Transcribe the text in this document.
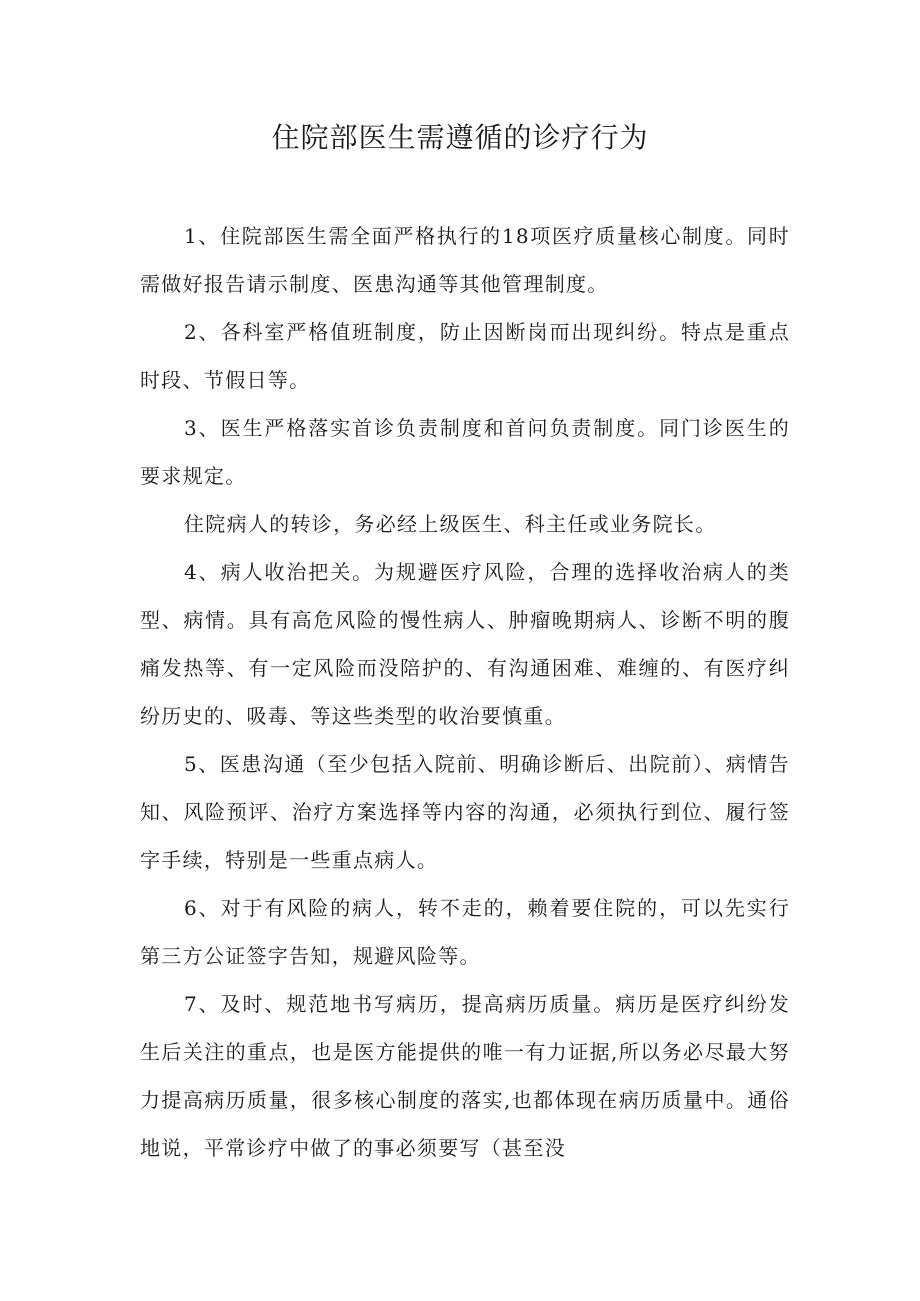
住院部医生需遵循的诊疗行为

1、住院部医生需全面严格执行的18项医疗质量核心制度。同时需做好报告请示制度、医患沟通等其他管理制度。

2、各科室严格值班制度，防止因断岗而出现纠纷。特点是重点时段、节假日等。

3、医生严格落实首诊负责制度和首问负责制度。同门诊医生的要求规定。

住院病人的转诊，务必经上级医生、科主任或业务院长。

4、病人收治把关。为规避医疗风险，合理的选择收治病人的类型、病情。具有高危风险的慢性病人、肿瘤晚期病人、诊断不明的腹痛发热等、有一定风险而没陪护的、有沟通困难、难缠的、有医疗纠纷历史的、吸毒、等这些类型的收治要慎重。

5、医患沟通（至少包括入院前、明确诊断后、出院前）、病情告知、风险预评、治疗方案选择等内容的沟通，必须执行到位、履行签字手续，特别是一些重点病人。

6、对于有风险的病人，转不走的，赖着要住院的，可以先实行第三方公证签字告知，规避风险等。

7、及时、规范地书写病历，提高病历质量。病历是医疗纠纷发生后关注的重点，也是医方能提供的唯一有力证据,所以务必尽最大努力提高病历质量，很多核心制度的落实,也都体现在病历质量中。通俗地说，平常诊疗中做了的事必须要写（甚至没
